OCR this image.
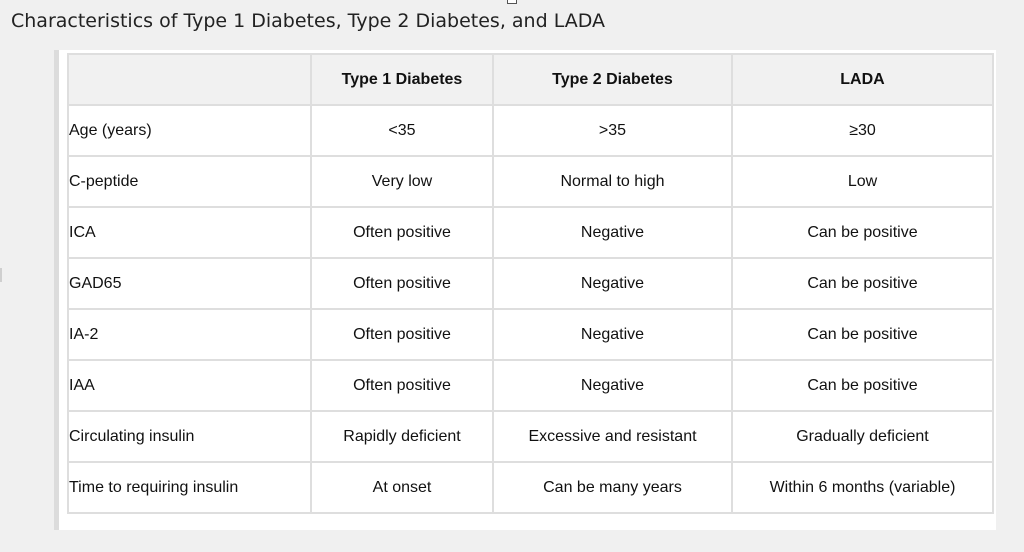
Characteristics of Type 1 Diabetes, Type 2 Diabetes, and LADA
	Type 1 Diabetes	Type 2 Diabetes	LADA
Age (years)	<35	>35	≥30
C-peptide	Very low	Normal to high	Low
ICA	Often positive	Negative	Can be positive
GAD65	Often positive	Negative	Can be positive
IA-2	Often positive	Negative	Can be positive
IAA	Often positive	Negative	Can be positive
Circulating insulin	Rapidly deficient	Excessive and resistant	Gradually deficient
Time to requiring insulin	At onset	Can be many years	Within 6 months (variable)
